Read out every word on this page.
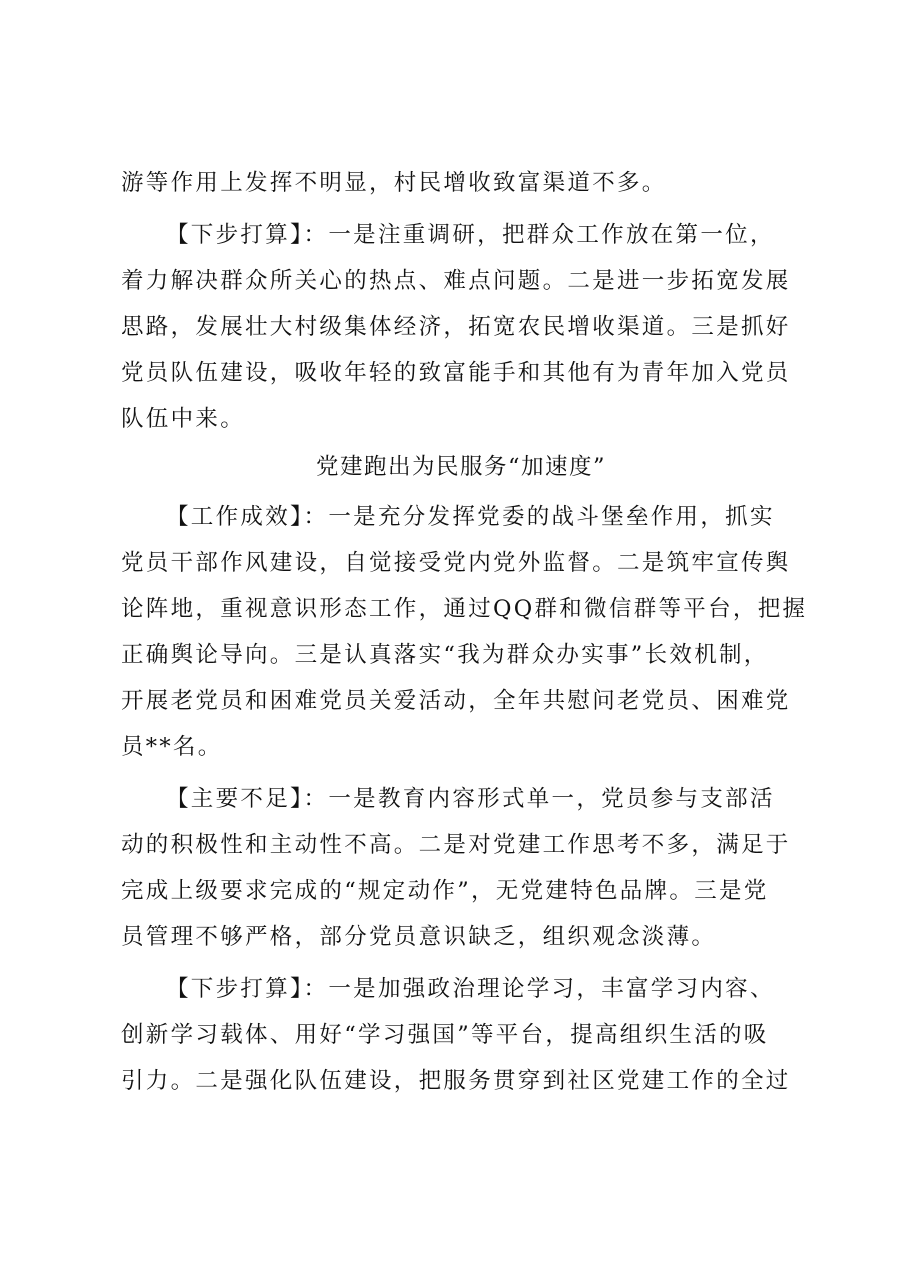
游等作用上发挥不明显，村民增收致富渠道不多。
【下步打算】：一是注重调研，把群众工作放在第一位，
着力解决群众所关心的热点、难点问题。二是进一步拓宽发展
思路，发展壮大村级集体经济，拓宽农民增收渠道。三是抓好
党员队伍建设，吸收年轻的致富能手和其他有为青年加入党员
队伍中来。
党建跑出为民服务“加速度”
【工作成效】：一是充分发挥党委的战斗堡垒作用，抓实
党员干部作风建设，自觉接受党内党外监督。二是筑牢宣传舆
论阵地，重视意识形态工作，通过QQ群和微信群等平台，把握
正确舆论导向。三是认真落实“我为群众办实事”长效机制，
开展老党员和困难党员关爱活动，全年共慰问老党员、困难党
员**名。
【主要不足】：一是教育内容形式单一，党员参与支部活
动的积极性和主动性不高。二是对党建工作思考不多，满足于
完成上级要求完成的“规定动作”，无党建特色品牌。三是党
员管理不够严格，部分党员意识缺乏，组织观念淡薄。
【下步打算】：一是加强政治理论学习，丰富学习内容、
创新学习载体、用好“学习强国”等平台，提高组织生活的吸
引力。二是强化队伍建设，把服务贯穿到社区党建工作的全过
